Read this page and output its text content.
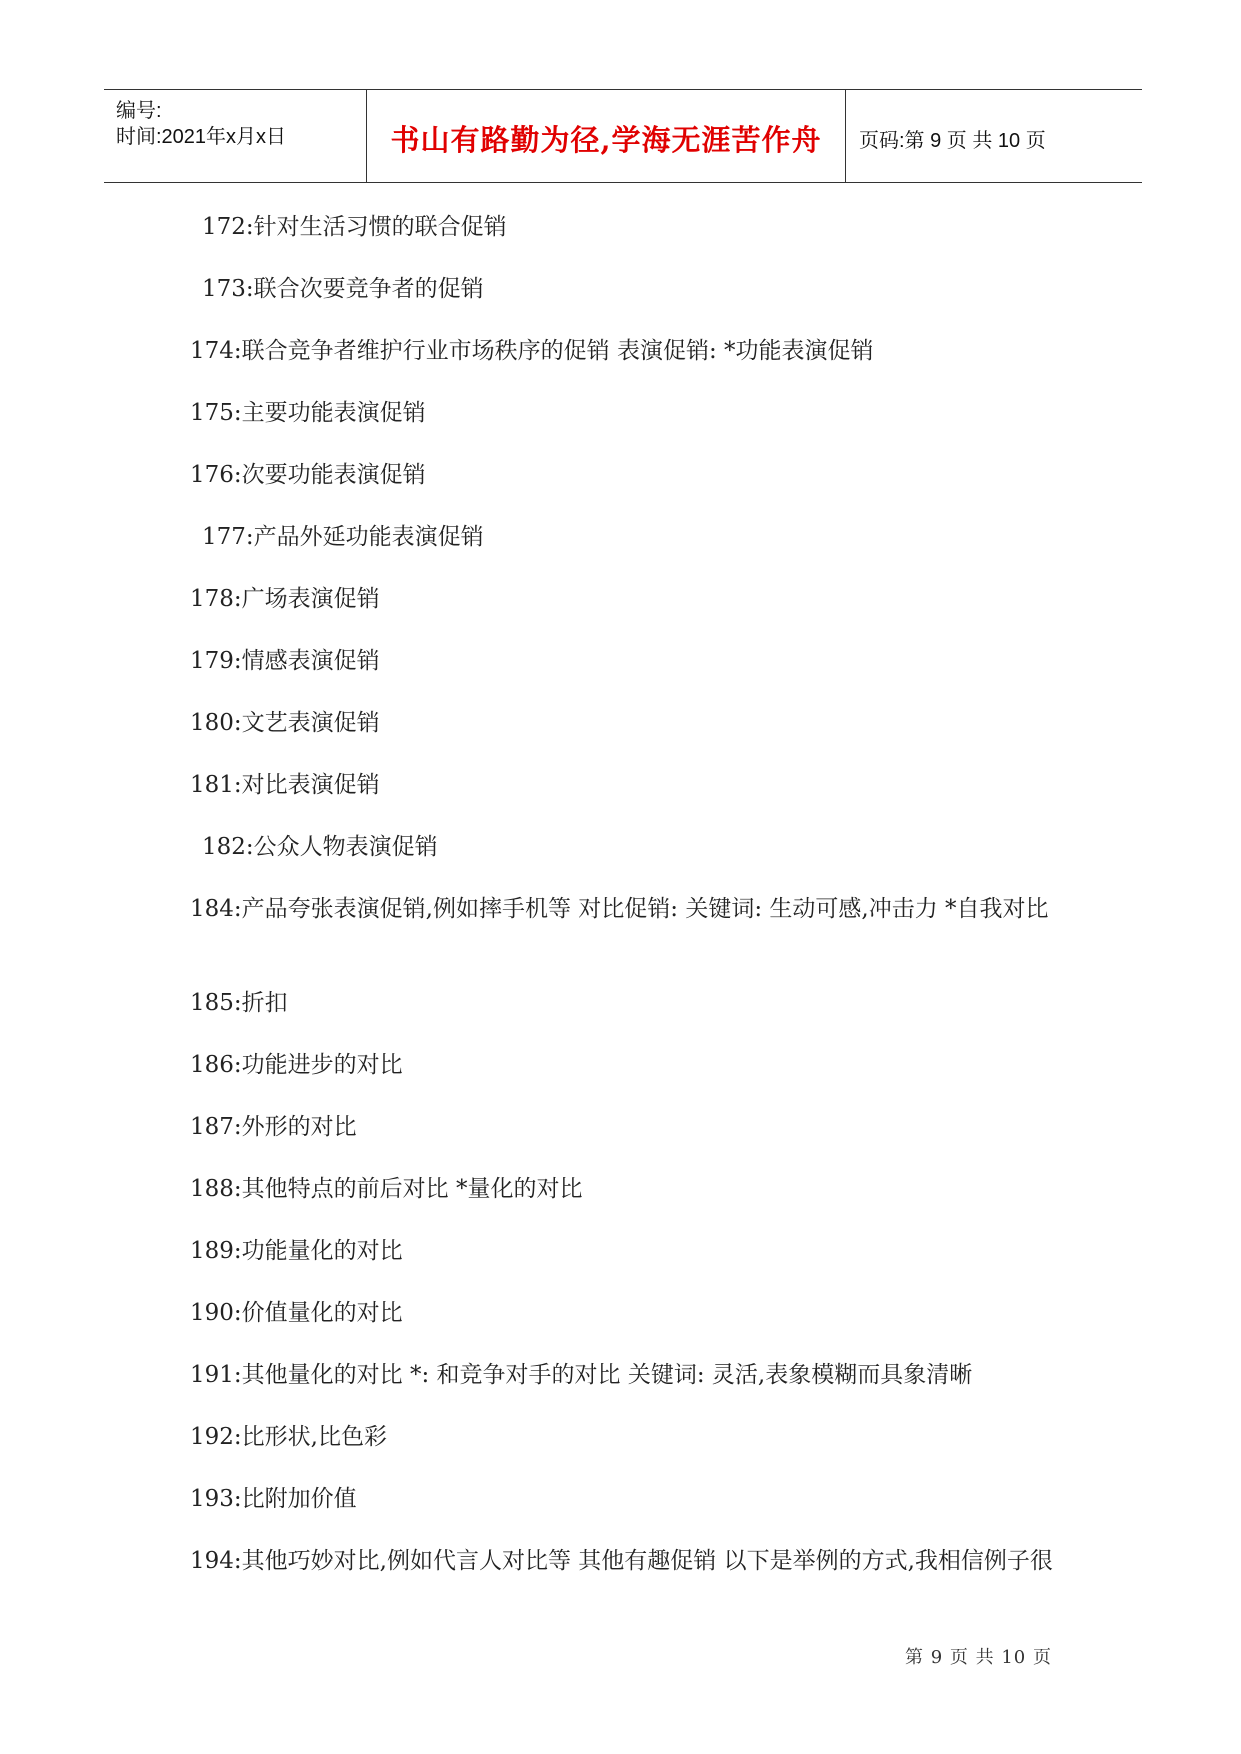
编号:
时间:2021年x月x日	书山有路勤为径,学海无涯苦作舟	页码:第 9 页 共 10 页
172:针对生活习惯的联合促销
173:联合次要竞争者的促销
174:联合竞争者维护行业市场秩序的促销 表演促销: *功能表演促销
175:主要功能表演促销
176:次要功能表演促销
177:产品外延功能表演促销
178:广场表演促销
179:情感表演促销
180:文艺表演促销
181:对比表演促销
182:公众人物表演促销
184:产品夸张表演促销,例如摔手机等 对比促销: 关键词: 生动可感,冲击力 *自我对比
185:折扣
186:功能进步的对比
187:外形的对比
188:其他特点的前后对比 *量化的对比
189:功能量化的对比
190:价值量化的对比
191:其他量化的对比 *: 和竞争对手的对比 关键词: 灵活,表象模糊而具象清晰
192:比形状,比色彩
193:比附加价值
194:其他巧妙对比,例如代言人对比等 其他有趣促销 以下是举例的方式,我相信例子很
第 9 页 共 10 页
